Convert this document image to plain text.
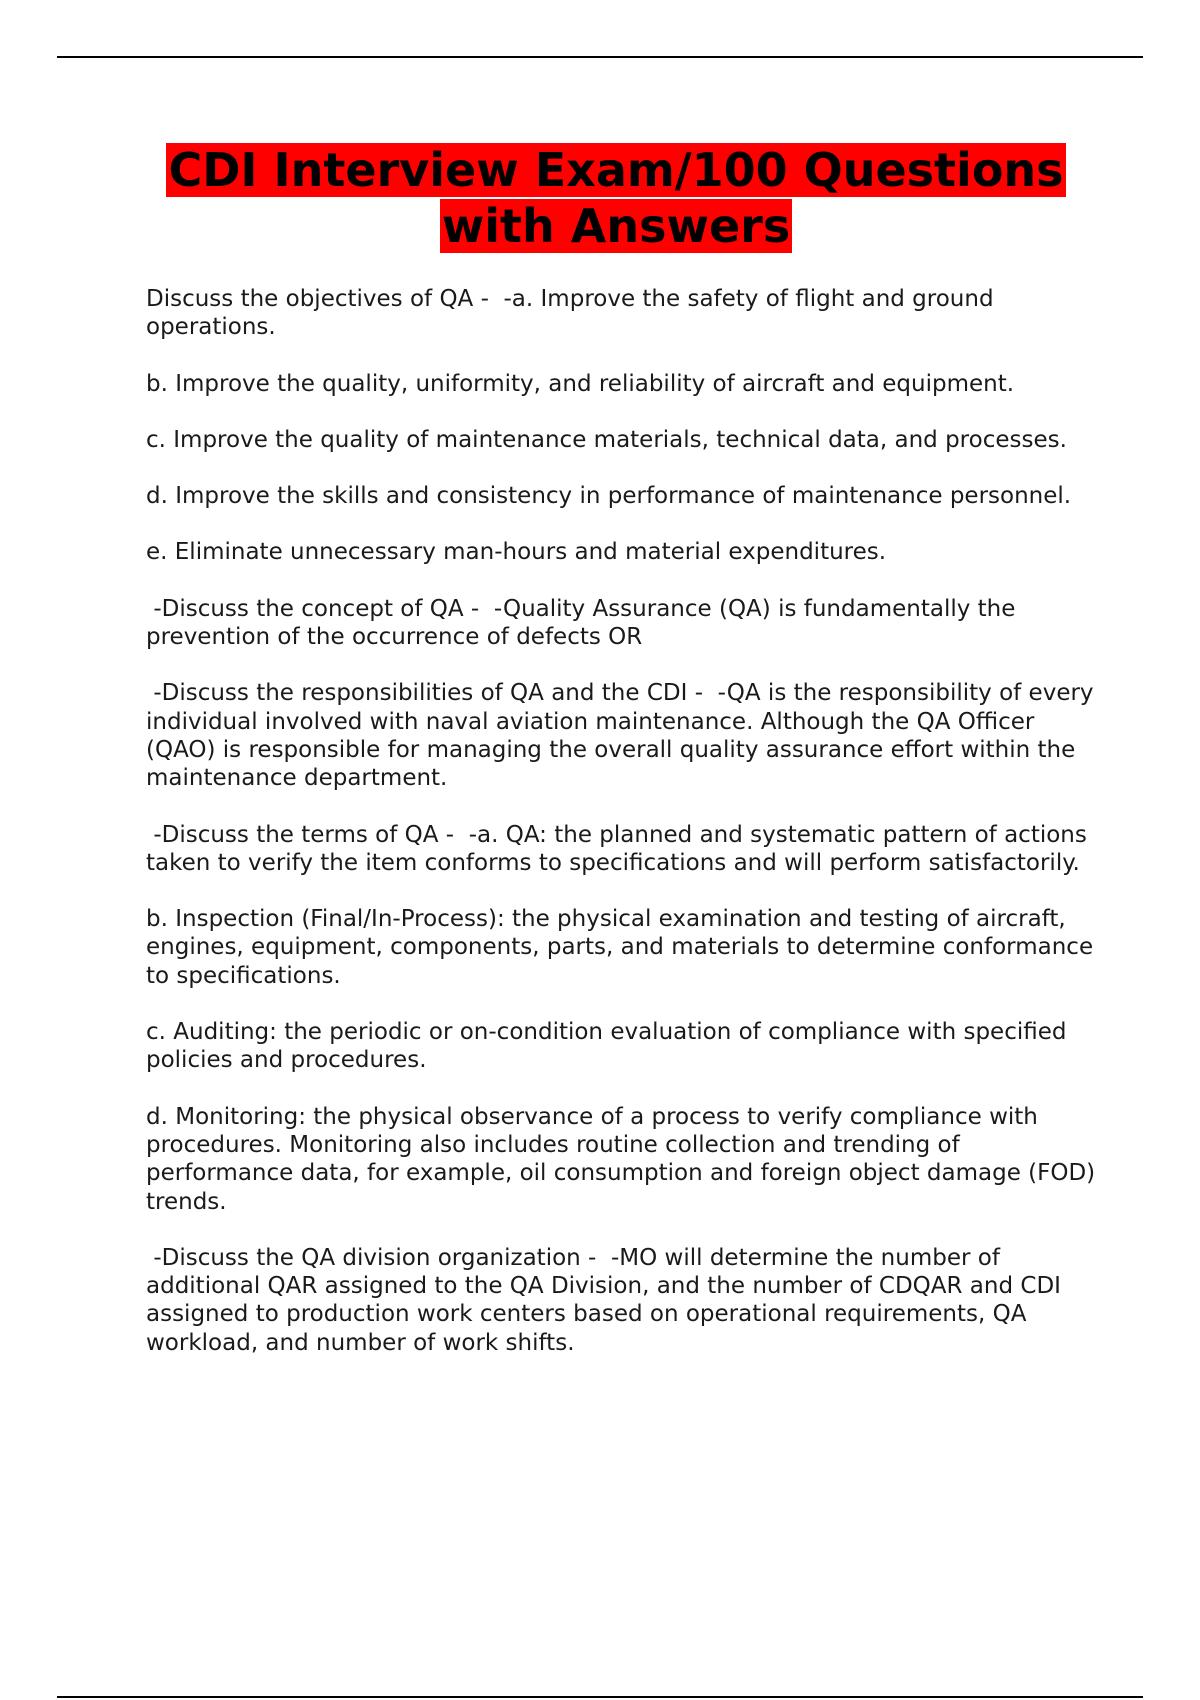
CDI Interview Exam/100 Questions with Answers

Discuss the objectives of QA -  -a. Improve the safety of flight and ground operations.

b. Improve the quality, uniformity, and reliability of aircraft and equipment.

c. Improve the quality of maintenance materials, technical data, and processes.

d. Improve the skills and consistency in performance of maintenance personnel.

e. Eliminate unnecessary man-hours and material expenditures.

-Discuss the concept of QA -  -Quality Assurance (QA) is fundamentally the prevention of the occurrence of defects OR

-Discuss the responsibilities of QA and the CDI -  -QA is the responsibility of every individual involved with naval aviation maintenance. Although the QA Officer (QAO) is responsible for managing the overall quality assurance effort within the maintenance department.

-Discuss the terms of QA -  -a. QA: the planned and systematic pattern of actions taken to verify the item conforms to specifications and will perform satisfactorily.

b. Inspection (Final/In-Process): the physical examination and testing of aircraft, engines, equipment, components, parts, and materials to determine conformance to specifications.

c. Auditing: the periodic or on-condition evaluation of compliance with specified policies and procedures.

d. Monitoring: the physical observance of a process to verify compliance with procedures. Monitoring also includes routine collection and trending of performance data, for example, oil consumption and foreign object damage (FOD) trends.

-Discuss the QA division organization -  -MO will determine the number of additional QAR assigned to the QA Division, and the number of CDQAR and CDI assigned to production work centers based on operational requirements, QA workload, and number of work shifts.
